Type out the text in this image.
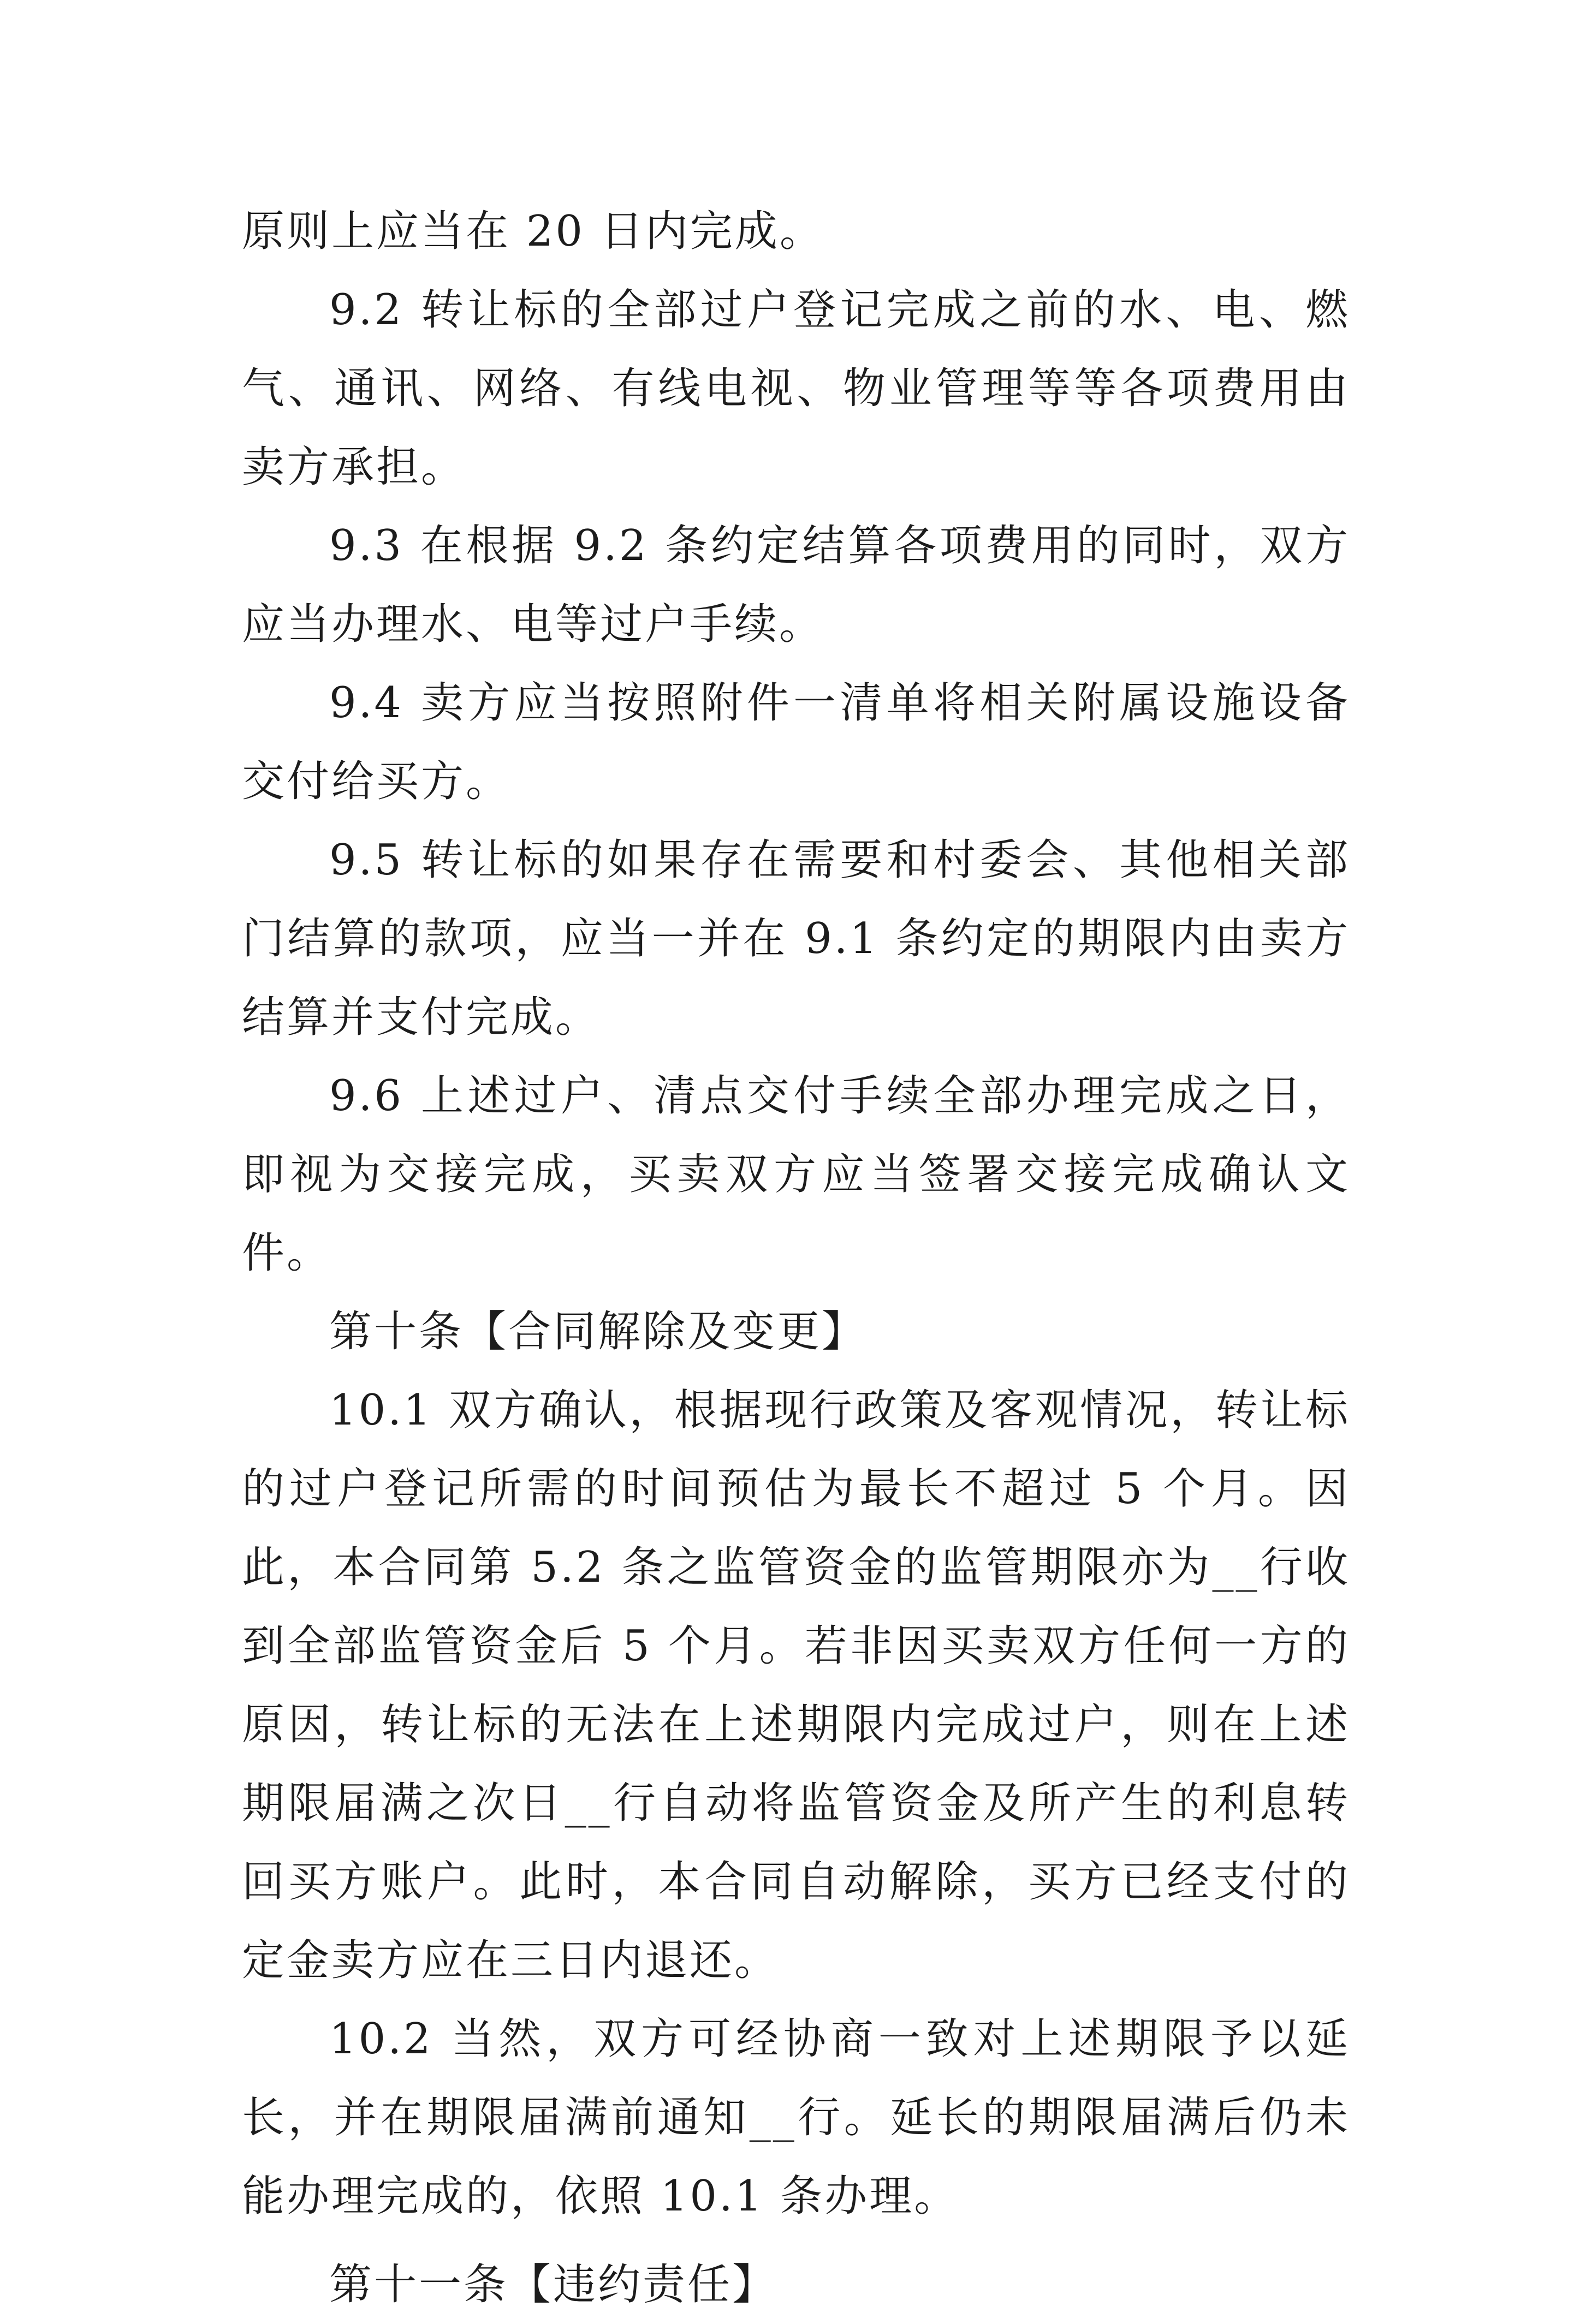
原则上应当在 20 日内完成。

9.2 转让标的全部过户登记完成之前的水、电、燃气、通讯、网络、有线电视、物业管理等等各项费用由卖方承担。

9.3 在根据 9.2 条约定结算各项费用的同时，双方应当办理水、电等过户手续。

9.4 卖方应当按照附件一清单将相关附属设施设备交付给买方。

9.5 转让标的如果存在需要和村委会、其他相关部门结算的款项，应当一并在 9.1 条约定的期限内由卖方结算并支付完成。

9.6 上述过户、清点交付手续全部办理完成之日，即视为交接完成，买卖双方应当签署交接完成确认文件。

第十条【合同解除及变更】

10.1 双方确认，根据现行政策及客观情况，转让标的过户登记所需的时间预估为最长不超过 5 个月。因此，本合同第 5.2 条之监管资金的监管期限亦为__行收到全部监管资金后 5 个月。若非因买卖双方任何一方的原因，转让标的无法在上述期限内完成过户，则在上述期限届满之次日__行自动将监管资金及所产生的利息转回买方账户。此时，本合同自动解除，买方已经支付的定金卖方应在三日内退还。

10.2 当然，双方可经协商一致对上述期限予以延长，并在期限届满前通知__行。延长的期限届满后仍未能办理完成的，依照 10.1 条办理。

第十一条【违约责任】
